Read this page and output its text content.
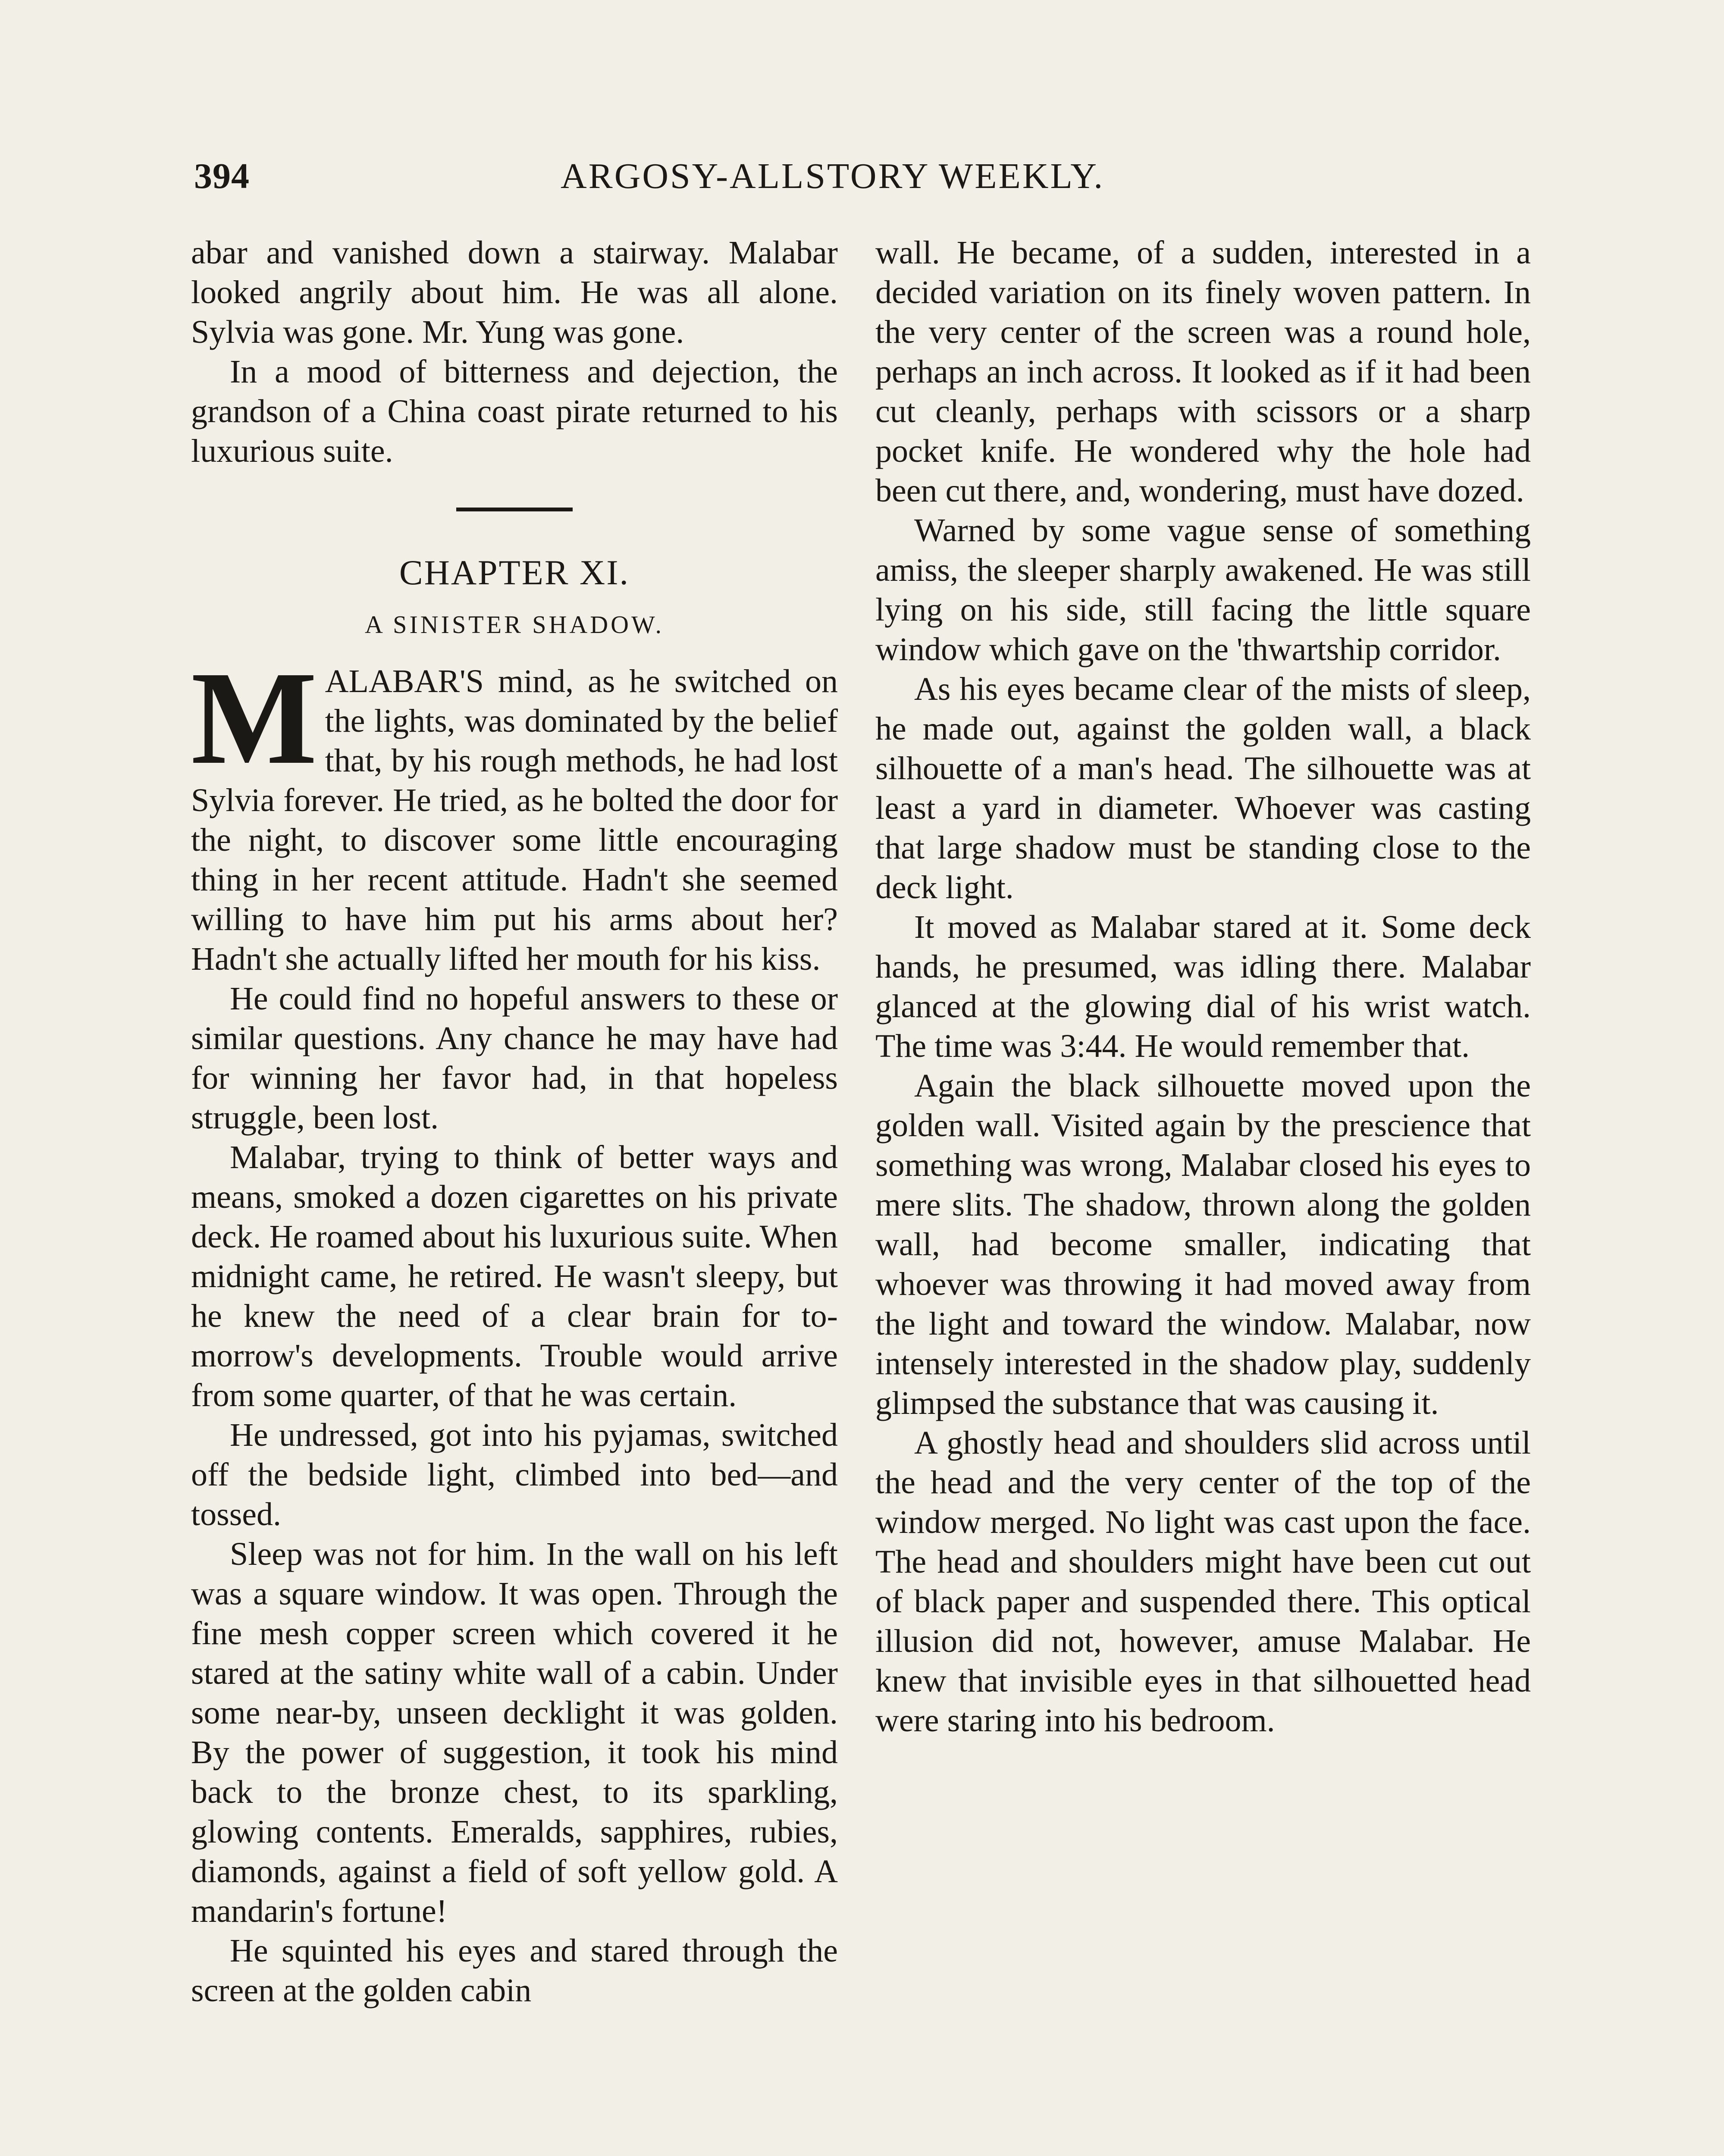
394	ARGOSY-ALLSTORY WEEKLY.

abar and vanished down a stairway. Malabar looked angrily about him. He was all alone. Sylvia was gone. Mr. Yung was gone.

In a mood of bitterness and dejection, the grandson of a China coast pirate returned to his luxurious suite.

CHAPTER XI.
A SINISTER SHADOW.

MALABAR'S mind, as he switched on the lights, was dominated by the belief that, by his rough methods, he had lost Sylvia forever. He tried, as he bolted the door for the night, to discover some little encouraging thing in her recent attitude. Hadn't she seemed willing to have him put his arms about her? Hadn't she actually lifted her mouth for his kiss.

He could find no hopeful answers to these or similar questions. Any chance he may have had for winning her favor had, in that hopeless struggle, been lost.

Malabar, trying to think of better ways and means, smoked a dozen cigarettes on his private deck. He roamed about his luxurious suite. When midnight came, he retired. He wasn't sleepy, but he knew the need of a clear brain for to-morrow's developments. Trouble would arrive from some quarter, of that he was certain.

He undressed, got into his pyjamas, switched off the bedside light, climbed into bed—and tossed.

Sleep was not for him. In the wall on his left was a square window. It was open. Through the fine mesh copper screen which covered it he stared at the satiny white wall of a cabin. Under some near-by, unseen decklight it was golden. By the power of suggestion, it took his mind back to the bronze chest, to its sparkling, glowing contents. Emeralds, sapphires, rubies, diamonds, against a field of soft yellow gold. A mandarin's fortune!

He squinted his eyes and stared through the screen at the golden cabin

wall. He became, of a sudden, interested in a decided variation on its finely woven pattern. In the very center of the screen was a round hole, perhaps an inch across. It looked as if it had been cut cleanly, perhaps with scissors or a sharp pocket knife. He wondered why the hole had been cut there, and, wondering, must have dozed.

Warned by some vague sense of something amiss, the sleeper sharply awakened. He was still lying on his side, still facing the little square window which gave on the 'thwartship corridor.

As his eyes became clear of the mists of sleep, he made out, against the golden wall, a black silhouette of a man's head. The silhouette was at least a yard in diameter. Whoever was casting that large shadow must be standing close to the deck light.

It moved as Malabar stared at it. Some deck hands, he presumed, was idling there. Malabar glanced at the glowing dial of his wrist watch. The time was 3:44. He would remember that.

Again the black silhouette moved upon the golden wall. Visited again by the prescience that something was wrong, Malabar closed his eyes to mere slits. The shadow, thrown along the golden wall, had become smaller, indicating that whoever was throwing it had moved away from the light and toward the window. Malabar, now intensely interested in the shadow play, suddenly glimpsed the substance that was causing it.

A ghostly head and shoulders slid across until the head and the very center of the top of the window merged. No light was cast upon the face. The head and shoulders might have been cut out of black paper and suspended there. This optical illusion did not, however, amuse Malabar. He knew that invisible eyes in that silhouetted head were staring into his bedroom.
